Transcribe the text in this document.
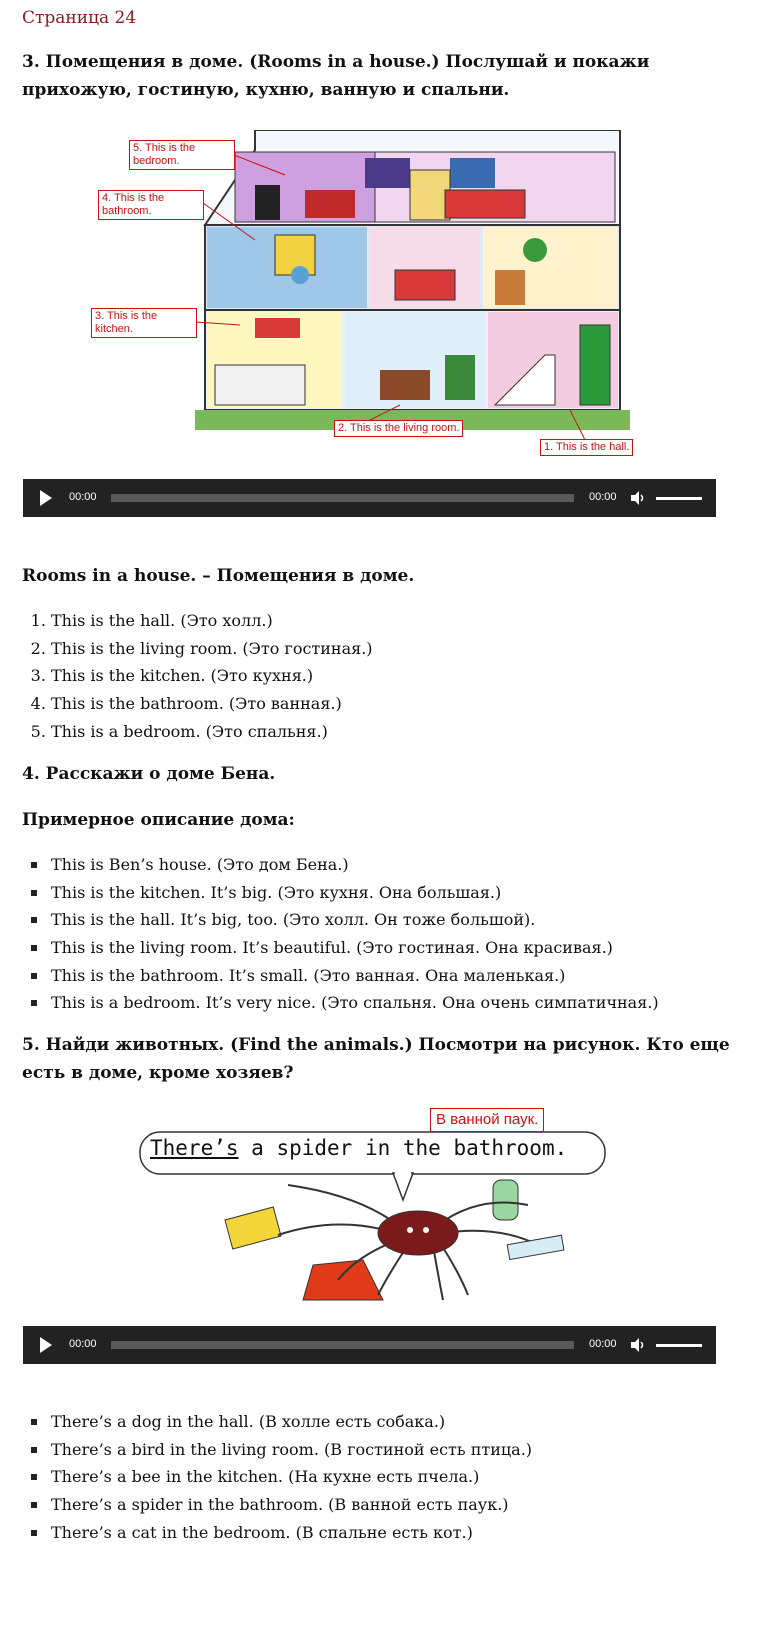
Страница 24
3. Помещения в доме. (Rooms in a house.) Послушай и покажи прихожую, гостиную, кухню, ванную и спальни.
5. This is the bedroom.
4. This is the bathroom.
3. This is the kitchen.
2. This is the living room.
1. This is the hall.
00:00	00:00
Rooms in a house. – Помещения в доме.
1. This is the hall. (Это холл.)
2. This is the living room. (Это гостиная.)
3. This is the kitchen. (Это кухня.)
4. This is the bathroom. (Это ванная.)
5. This is a bedroom. (Это спальня.)
4. Расскажи о доме Бена.
Примерное описание дома:
This is Ben’s house. (Это дом Бена.)
This is the kitchen. It’s big. (Это кухня. Она большая.)
This is the hall. It’s big, too. (Это холл. Он тоже большой).
This is the living room. It’s beautiful. (Это гостиная. Она красивая.)
This is the bathroom. It’s small. (Это ванная. Она маленькая.)
This is a bedroom. It’s very nice. (Это спальня. Она очень симпатичная.)
5. Найди животных. (Find the animals.) Посмотри на рисунок. Кто еще есть в доме, кроме хозяев?
There’s a spider in the bathroom.
В ванной паук.
00:00	00:00
There’s a dog in the hall. (В холле есть собака.)
There’s a bird in the living room. (В гостиной есть птица.)
There’s a bee in the kitchen. (На кухне есть пчела.)
There’s a spider in the bathroom. (В ванной есть паук.)
There’s a cat in the bedroom. (В спальне есть кот.)
